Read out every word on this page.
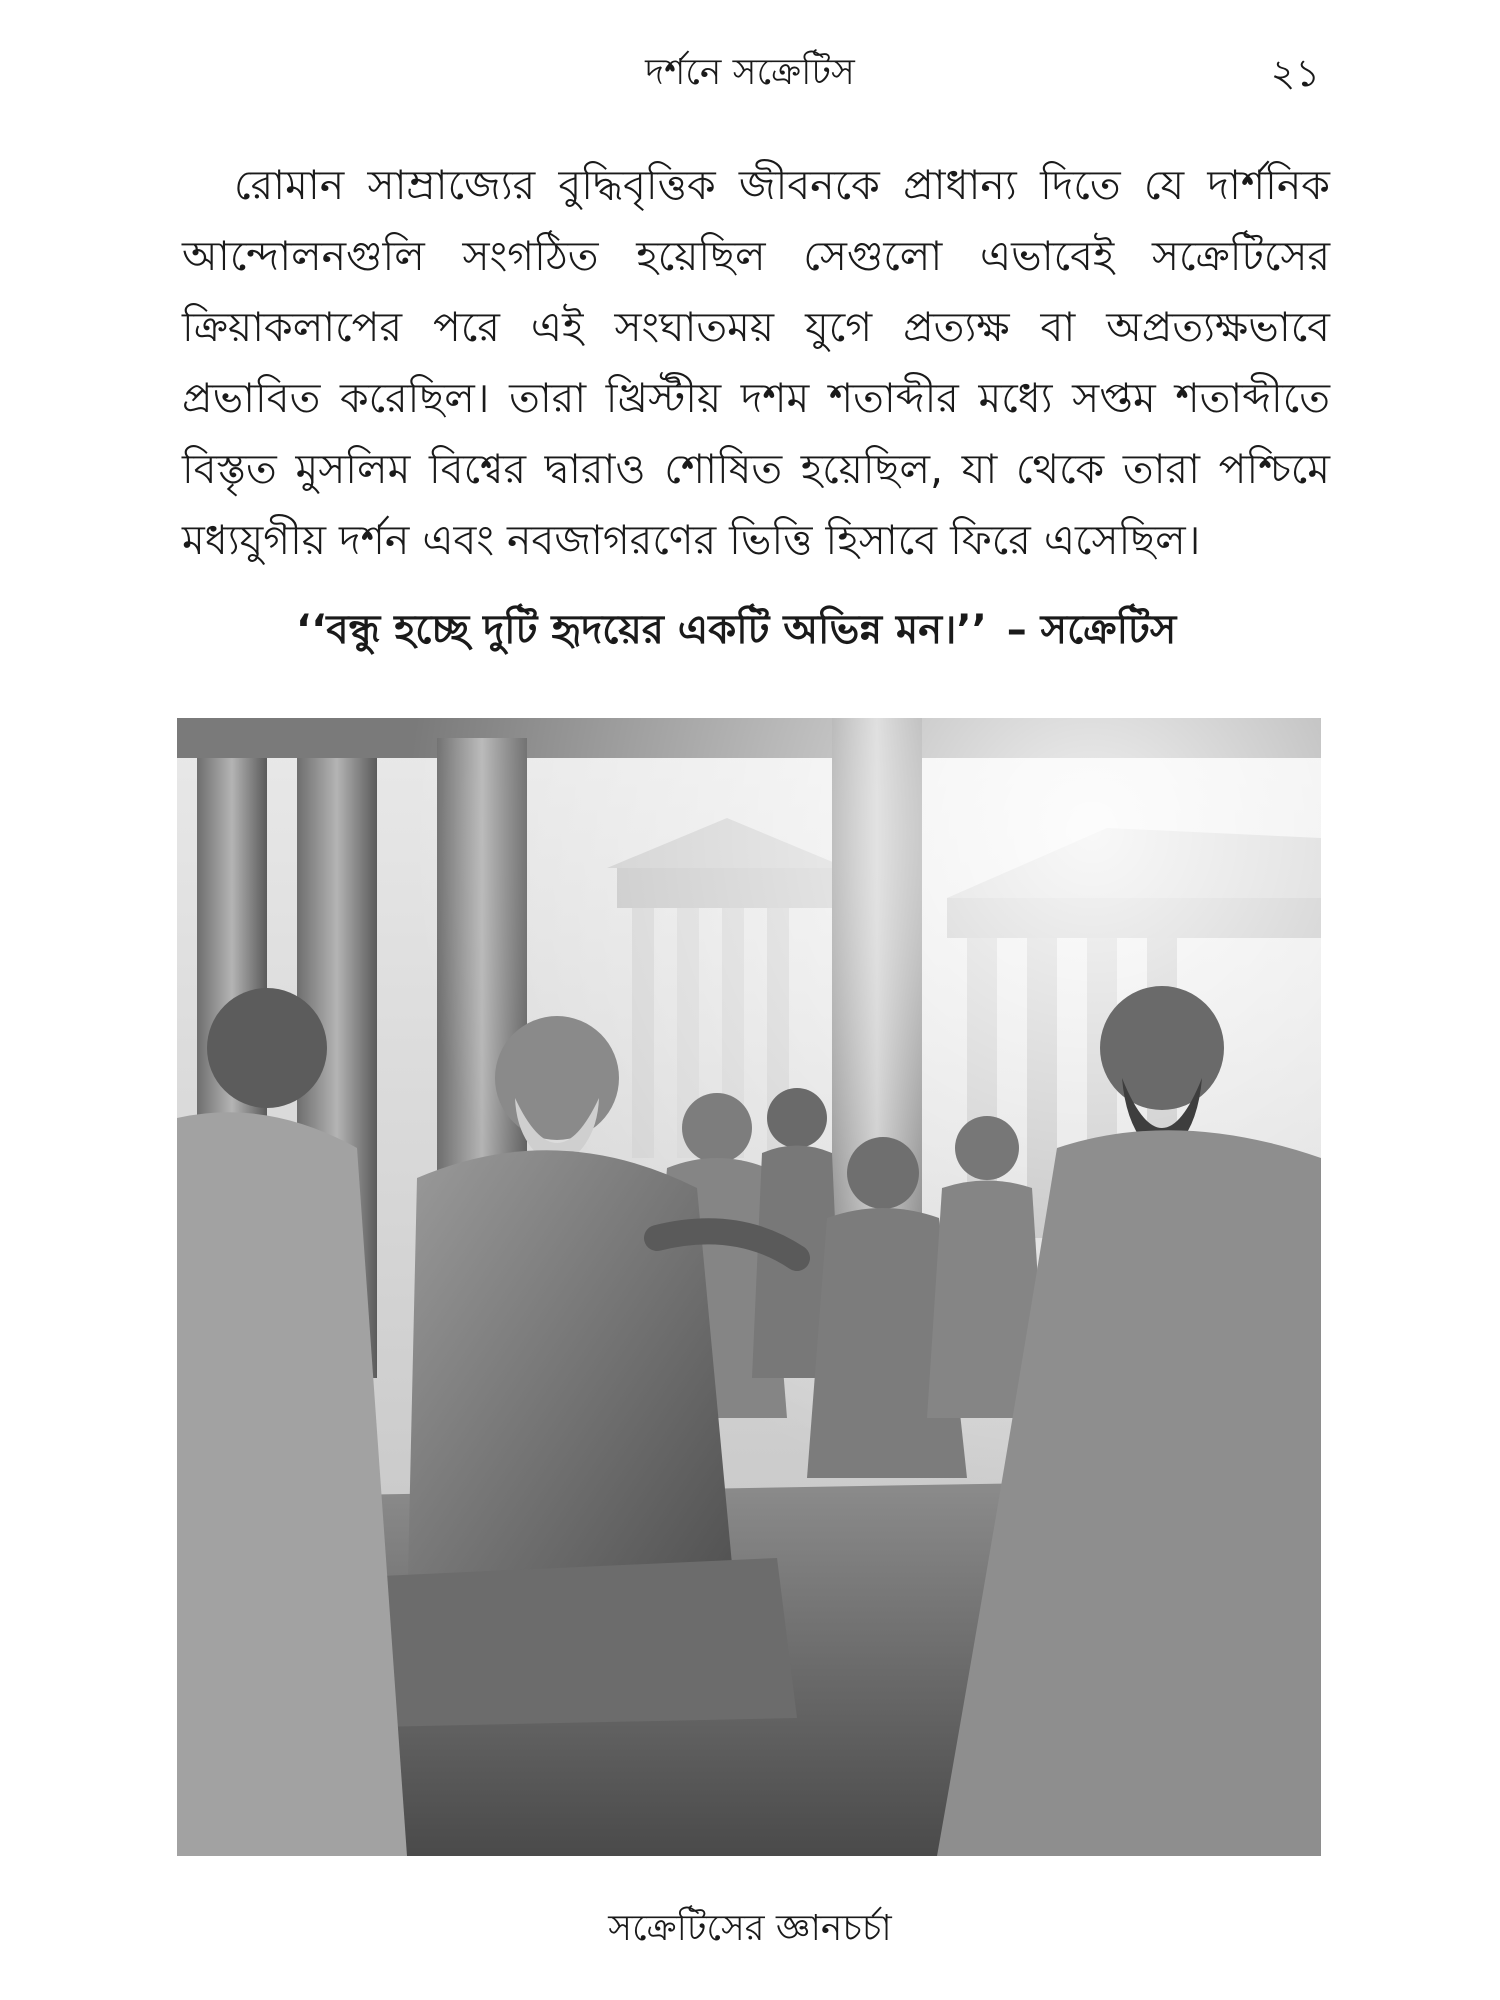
দর্শনে সক্রেটিস	২১

রোমান সাম্রাজ্যের বুদ্ধিবৃত্তিক জীবনকে প্রাধান্য দিতে যে দার্শনিক আন্দোলনগুলি সংগঠিত হয়েছিল সেগুলো এভাবেই সক্রেটিসের ক্রিয়াকলাপের পরে এই সংঘাতময় যুগে প্রত্যক্ষ বা অপ্রত্যক্ষভাবে প্রভাবিত করেছিল। তারা খ্রিস্টীয় দশম শতাব্দীর মধ্যে সপ্তম শতাব্দীতে বিস্তৃত মুসলিম বিশ্বের দ্বারাও শোষিত হয়েছিল, যা থেকে তারা পশ্চিমে মধ্যযুগীয় দর্শন এবং নবজাগরণের ভিত্তি হিসাবে ফিরে এসেছিল।

‘‘বন্ধু হচ্ছে দুটি হৃদয়ের একটি অভিন্ন মন।’’ – সক্রেটিস
সক্রেটিসের জ্ঞানচর্চা
